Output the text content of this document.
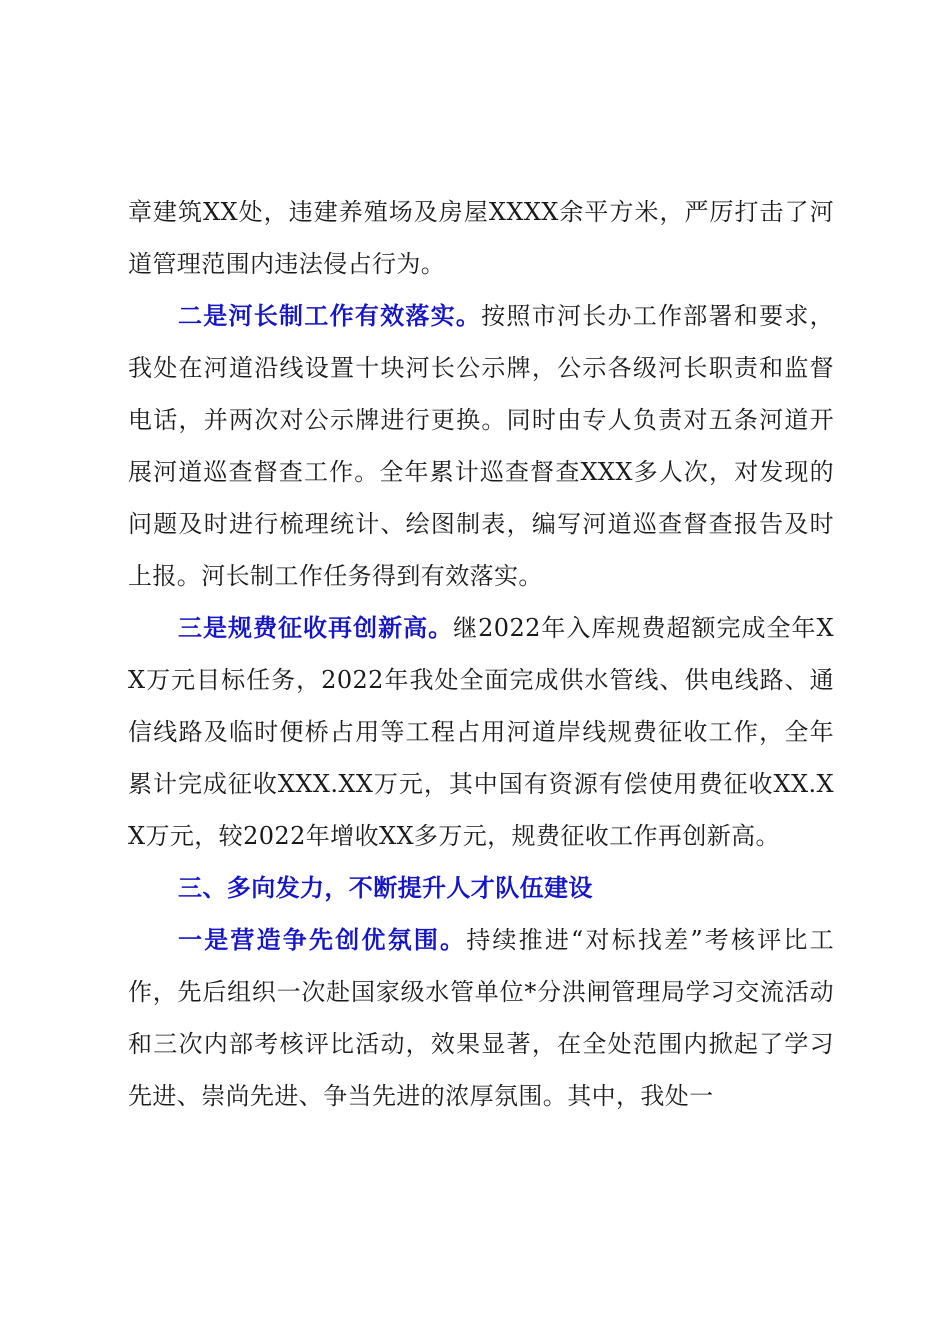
章建筑XX处，违建养殖场及房屋XXXX余平方米，严厉打击了河道管理范围内违法侵占行为。

二是河长制工作有效落实。按照市河长办工作部署和要求，我处在河道沿线设置十块河长公示牌，公示各级河长职责和监督电话，并两次对公示牌进行更换。同时由专人负责对五条河道开展河道巡查督查工作。全年累计巡查督查XXX多人次，对发现的问题及时进行梳理统计、绘图制表，编写河道巡查督查报告及时上报。河长制工作任务得到有效落实。

三是规费征收再创新高。继2022年入库规费超额完成全年XX万元目标任务，2022年我处全面完成供水管线、供电线路、通信线路及临时便桥占用等工程占用河道岸线规费征收工作，全年累计完成征收XXX.XX万元，其中国有资源有偿使用费征收XX.XX万元，较2022年增收XX多万元，规费征收工作再创新高。

三、多向发力，不断提升人才队伍建设

一是营造争先创优氛围。持续推进“对标找差”考核评比工作，先后组织一次赴国家级水管单位*分洪闸管理局学习交流活动和三次内部考核评比活动，效果显著，在全处范围内掀起了学习先进、崇尚先进、争当先进的浓厚氛围。其中，我处一
